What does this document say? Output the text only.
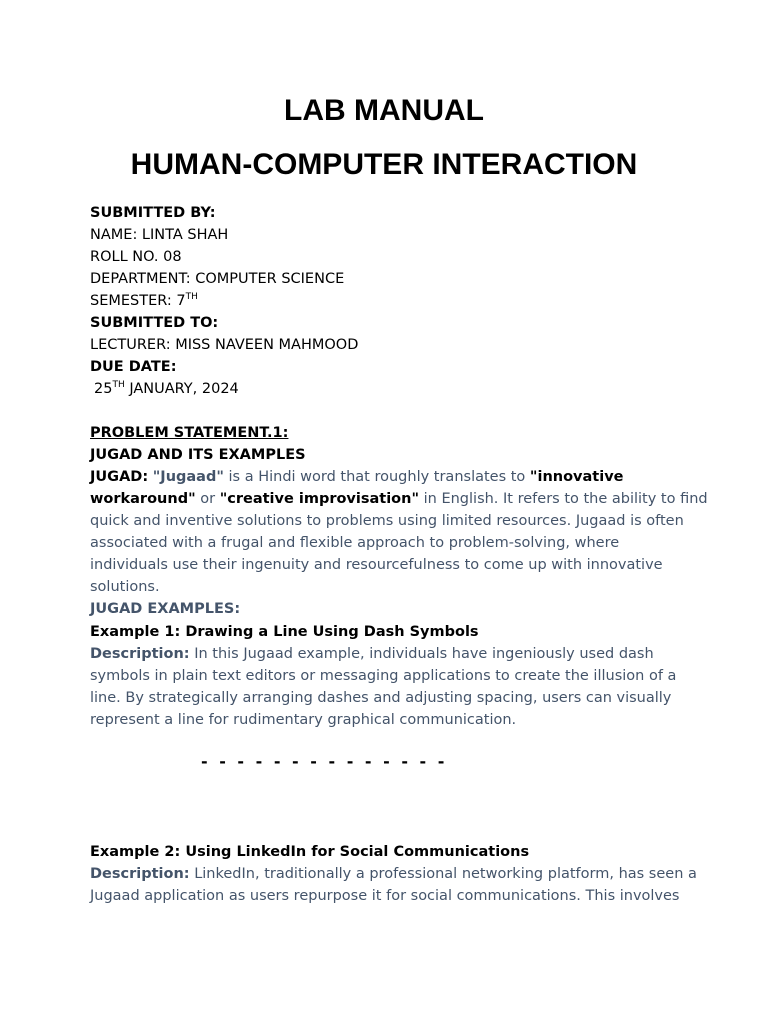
LAB MANUAL
HUMAN-COMPUTER INTERACTION
SUBMITTED BY:
NAME: LINTA SHAH
ROLL NO. 08
DEPARTMENT: COMPUTER SCIENCE
SEMESTER: 7TH
SUBMITTED TO:
LECTURER: MISS NAVEEN MAHMOOD
DUE DATE:
25TH JANUARY, 2024
PROBLEM STATEMENT.1:
JUGAD AND ITS EXAMPLES
JUGAD: "Jugaad" is a Hindi word that roughly translates to "innovative
workaround" or "creative improvisation" in English. It refers to the ability to find
quick and inventive solutions to problems using limited resources. Jugaad is often
associated with a frugal and flexible approach to problem-solving, where
individuals use their ingenuity and resourcefulness to come up with innovative
solutions.
JUGAD EXAMPLES:
Example 1: Drawing a Line Using Dash Symbols
Description: In this Jugaad example, individuals have ingeniously used dash
symbols in plain text editors or messaging applications to create the illusion of a
line. By strategically arranging dashes and adjusting spacing, users can visually
represent a line for rudimentary graphical communication.
- - - - - - - - - - - - - -
Example 2: Using LinkedIn for Social Communications
Description: LinkedIn, traditionally a professional networking platform, has seen a
Jugaad application as users repurpose it for social communications. This involves
